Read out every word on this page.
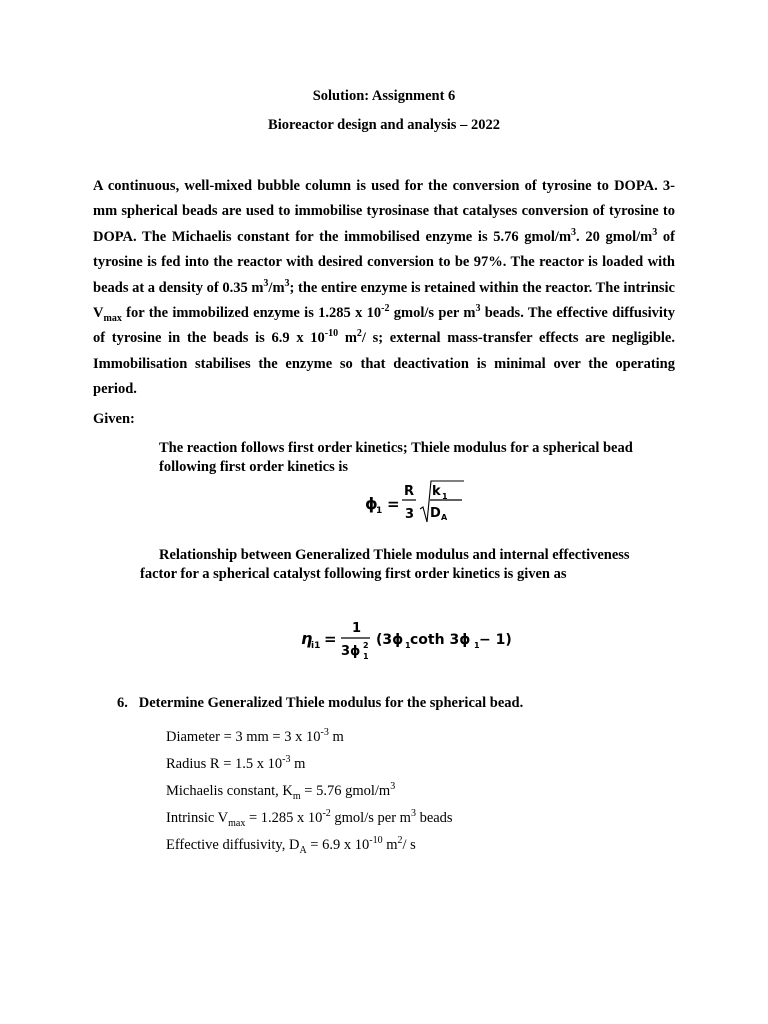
Solution: Assignment 6
Bioreactor design and analysis – 2022

A continuous, well-mixed bubble column is used for the conversion of tyrosine to DOPA. 3-mm spherical beads are used to immobilise tyrosinase that catalyses conversion of tyrosine to DOPA. The Michaelis constant for the immobilised enzyme is 5.76 gmol/$m^3$. 20 gmol/$m^3$ of tyrosine is fed into the reactor with desired conversion to be 97%. The reactor is loaded with beads at a density of 0.35 $m^3/m^3$; the entire enzyme is retained within the reactor. The intrinsic $V_{max}$ for the immobilized enzyme is 1.285 x $10^{-2}$ gmol/s per $m^3$ beads. The effective diffusivity of tyrosine in the beads is 6.9 x $10^{-10}$ $m^2/$ s; external mass-transfer effects are negligible. Immobilisation stabilises the enzyme so that deactivation is minimal over the operating period.

Given:

The reaction follows first order kinetics; Thiele modulus for a spherical bead
following first order kinetics is

ϕ
1 =
R
3
k 1
D A

Relationship between Generalized Thiele modulus and internal effectiveness
factor for a spherical catalyst following first order kinetics is given as

η
i1 =
1
3ϕ 2
1
(3ϕ 1 coth 3ϕ 1 − 1)
6. Determine Generalized Thiele modulus for the spherical bead.
Diameter = 3 mm = 3 x $10^{-3}$ m
Radius R = 1.5 x $10^{-3}$ m
Michaelis constant, $K_m = 5.76$ gmol/$m^3$
Intrinsic $V_{max} = 1.285$ x $10^{-2}$ gmol/s per $m^3$ beads
Effective diffusivity, $D_A = 6.9$ x $10^{-10}$ $m^2/$ s
